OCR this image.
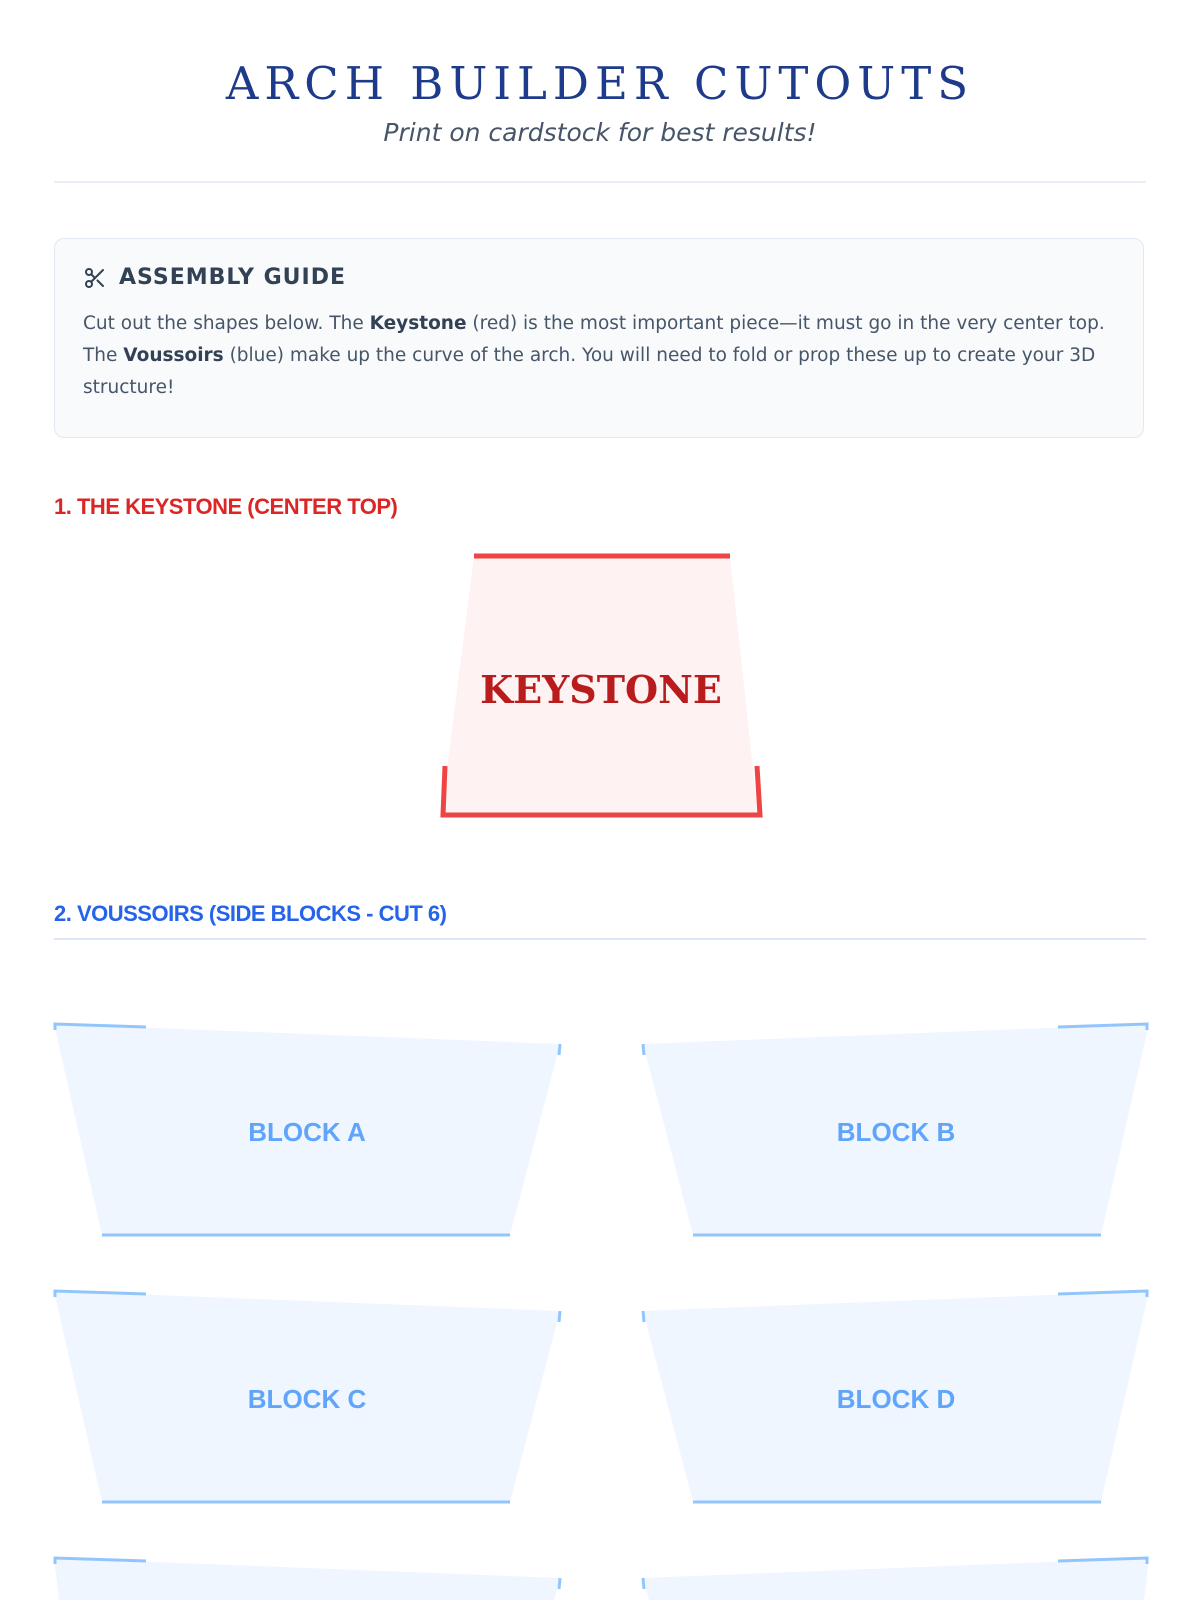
ARCH BUILDER CUTOUTS
Print on cardstock for best results!
ASSEMBLY GUIDE
Cut out the shapes below. The Keystone (red) is the most important piece—it must go in the very center top. The Voussoirs (blue) make up the curve of the arch. You will need to fold or prop these up to create your 3D structure!
1. THE KEYSTONE (CENTER TOP)
2. VOUSSOIRS (SIDE BLOCKS - CUT 6)
KEYSTONE
BLOCK A	BLOCK B
BLOCK C	BLOCK D
